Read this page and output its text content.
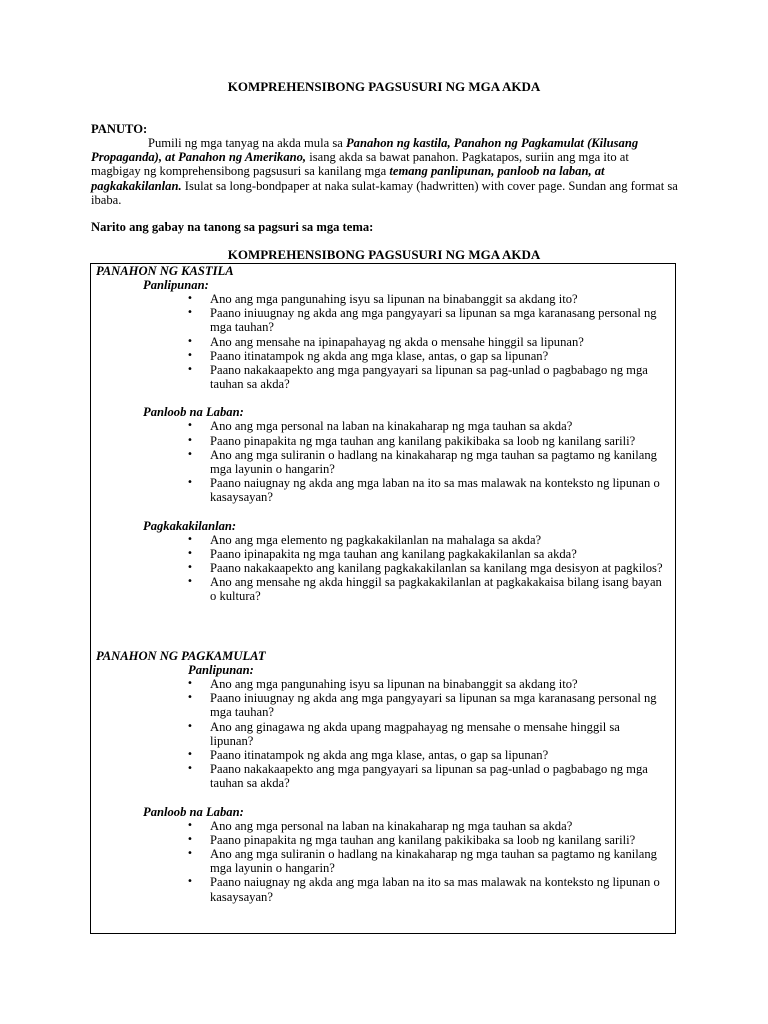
KOMPREHENSIBONG PAGSUSURI NG MGA AKDA
PANUTO:

Pumili ng mga tanyag na akda mula sa Panahon ng kastila, Panahon ng Pagkamulat (Kilusang Propaganda), at Panahon ng Amerikano, isang akda sa bawat panahon. Pagkatapos, suriin ang mga ito at magbigay ng komprehensibong pagsusuri sa kanilang mga temang panlipunan, panloob na laban, at pagkakakilanlan. Isulat sa long-bondpaper at naka sulat-kamay (hadwritten) with cover page. Sundan ang format sa ibaba.

Narito ang gabay na tanong sa pagsuri sa mga tema:
KOMPREHENSIBONG PAGSUSURI NG MGA AKDA
PANAHON NG KASTILA
Panlipunan:
• Ano ang mga pangunahing isyu sa lipunan na binabanggit sa akdang ito?
• Paano iniuugnay ng akda ang mga pangyayari sa lipunan sa mga karanasang personal ng mga tauhan?
• Ano ang mensahe na ipinapahayag ng akda o mensahe hinggil sa lipunan?
• Paano itinatampok ng akda ang mga klase, antas, o gap sa lipunan?
• Paano nakakaapekto ang mga pangyayari sa lipunan sa pag-unlad o pagbabago ng mga tauhan sa akda?
Panloob na Laban:
• Ano ang mga personal na laban na kinakaharap ng mga tauhan sa akda?
• Paano pinapakita ng mga tauhan ang kanilang pakikibaka sa loob ng kanilang sarili?
• Ano ang mga suliranin o hadlang na kinakaharap ng mga tauhan sa pagtamo ng kanilang mga layunin o hangarin?
• Paano naiugnay ng akda ang mga laban na ito sa mas malawak na konteksto ng lipunan o kasaysayan?
Pagkakakilanlan:
• Ano ang mga elemento ng pagkakakilanlan na mahalaga sa akda?
• Paano ipinapakita ng mga tauhan ang kanilang pagkakakilanlan sa akda?
• Paano nakakaapekto ang kanilang pagkakakilanlan sa kanilang mga desisyon at pagkilos?
• Ano ang mensahe ng akda hinggil sa pagkakakilanlan at pagkakakaisa bilang isang bayan o kultura?
PANAHON NG PAGKAMULAT
Panlipunan:
• Ano ang mga pangunahing isyu sa lipunan na binabanggit sa akdang ito?
• Paano iniuugnay ng akda ang mga pangyayari sa lipunan sa mga karanasang personal ng mga tauhan?
• Ano ang ginagawa ng akda upang magpahayag ng mensahe o mensahe hinggil sa lipunan?
• Paano itinatampok ng akda ang mga klase, antas, o gap sa lipunan?
• Paano nakakaapekto ang mga pangyayari sa lipunan sa pag-unlad o pagbabago ng mga tauhan sa akda?
Panloob na Laban:
• Ano ang mga personal na laban na kinakaharap ng mga tauhan sa akda?
• Paano pinapakita ng mga tauhan ang kanilang pakikibaka sa loob ng kanilang sarili?
• Ano ang mga suliranin o hadlang na kinakaharap ng mga tauhan sa pagtamo ng kanilang mga layunin o hangarin?
• Paano naiugnay ng akda ang mga laban na ito sa mas malawak na konteksto ng lipunan o kasaysayan?
